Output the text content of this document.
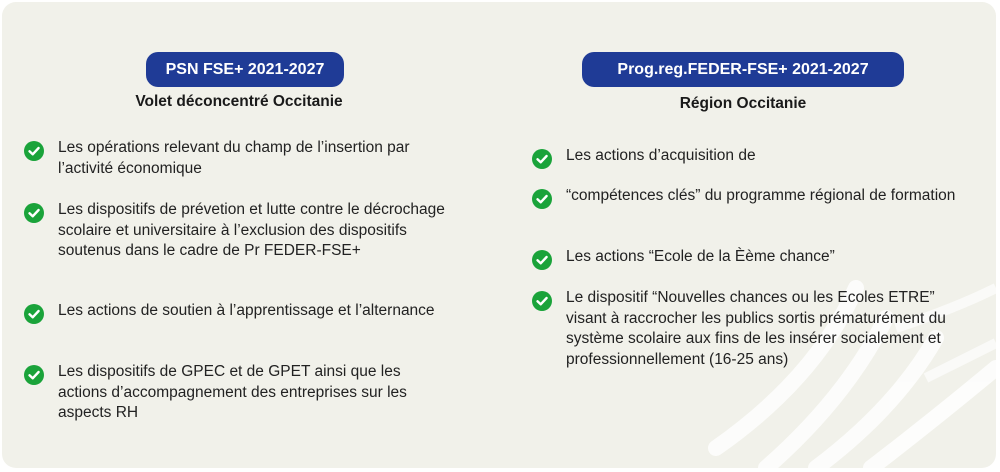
PSN FSE+ 2021-2027
Volet déconcentré Occitanie
Les opérations relevant du champ de l’insertion par l’activité économique
Les dispositifs de prévetion et lutte contre le décrochage scolaire et universitaire à l’exclusion des dispositifs soutenus dans le cadre de Pr FEDER-FSE+
Les actions de soutien à l’apprentissage et l’alternance
Les dispositifs de GPEC et de GPET ainsi que les actions d’accompagnement des entreprises sur les aspects RH
Prog.reg.FEDER-FSE+ 2021-2027
Région Occitanie
Les actions d’acquisition de
“compétences clés” du programme régional de formation
Les actions “Ecole de la Èème chance”
Le dispositif “Nouvelles chances ou les Ecoles ETRE” visant à raccrocher les publics sortis prématurément du système scolaire aux fins de les insérer socialement et professionnellement (16-25 ans)
